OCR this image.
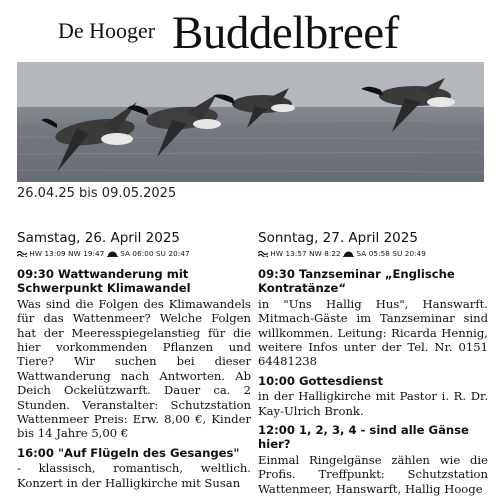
De Hooger Buddelbreef
26.04.25 bis 09.05.2025
Samstag, 26. April 2025
HW 13:09 NW 19:47 SA 06:00 SU 20:47
09:30 Wattwanderung mit Schwerpunkt Klimawandel
Was sind die Folgen des Klimawandels für das Wattenmeer? Welche Folgen hat der Meeresspiegelanstieg für die hier vorkommenden Pflanzen und Tiere? Wir suchen bei dieser Wattwanderung nach Antworten. Ab Deich Ockelützwarft. Dauer ca. 2 Stunden. Veranstalter: Schutzstation Wattenmeer Preis: Erw. 8,00 €, Kinder bis 14 Jahre 5,00 €
16:00 "Auf Flügeln des Gesanges"
- klassisch, romantisch, weltlich. Konzert in der Halligkirche mit Susan
Sonntag, 27. April 2025
HW 13:57 NW 8:22 SA 05:58 SU 20:49
09:30 Tanzseminar „Englische Kontratänze“
in "Uns Hallig Hus", Hanswarft. Mitmach-Gäste im Tanzseminar sind willkommen. Leitung: Ricarda Hennig, weitere Infos unter der Tel. Nr. 0151 64481238
10:00 Gottesdienst
in der Halligkirche mit Pastor i. R. Dr. Kay-Ulrich Bronk.
12:00 1, 2, 3, 4 - sind alle Gänse hier?
Einmal Ringelgänse zählen wie die Profis. Treffpunkt: Schutzstation Wattenmeer, Hanswarft, Hallig Hooge
